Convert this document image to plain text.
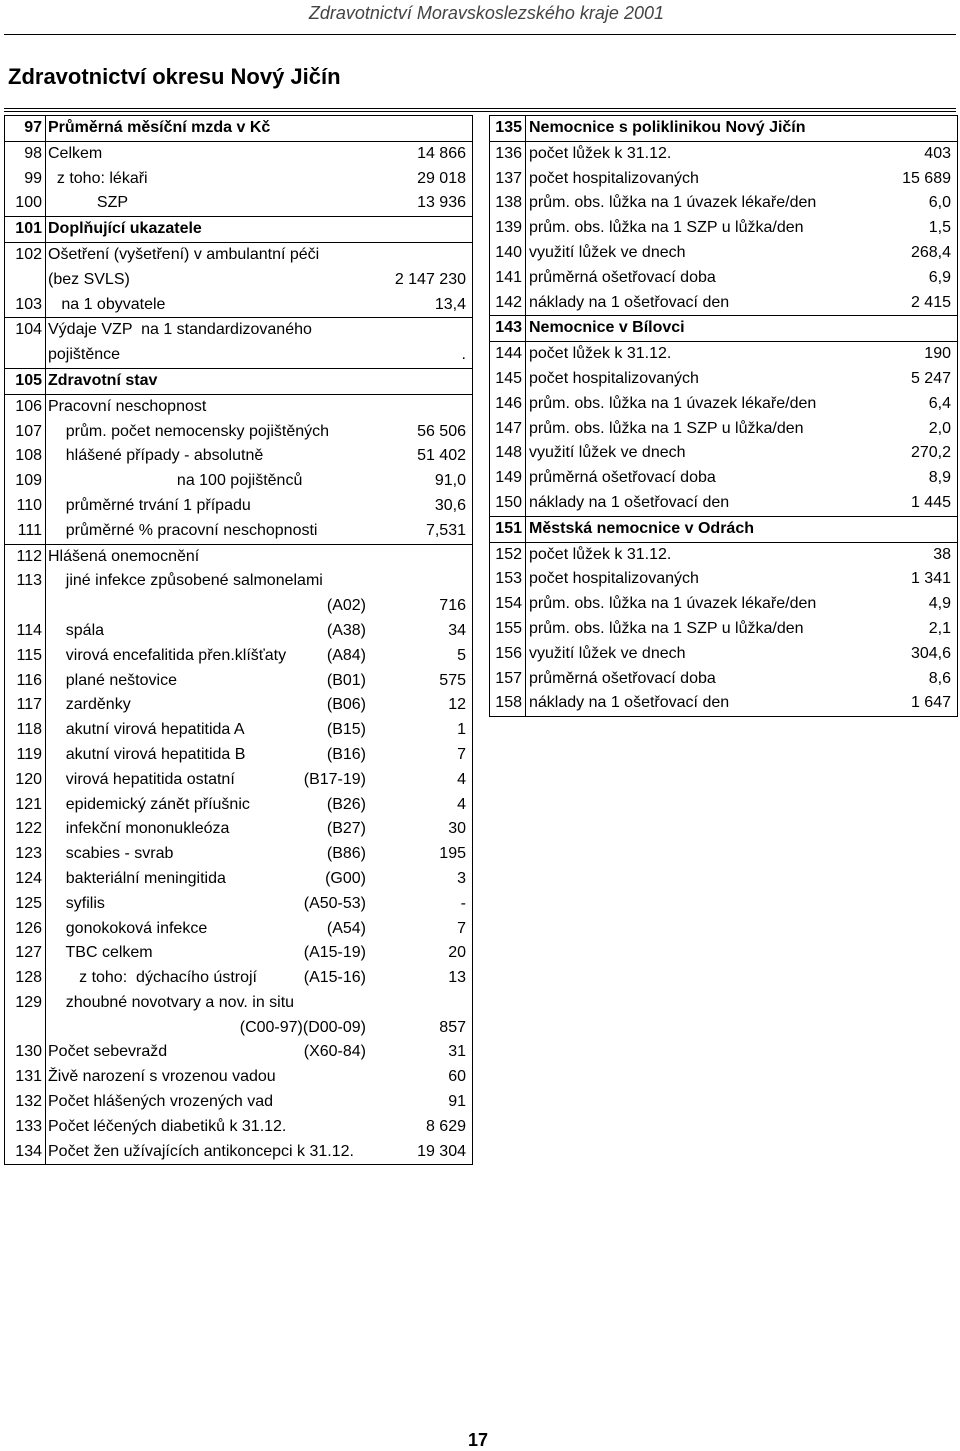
Zdravotnictví Moravskoslezského kraje 2001
Zdravotnictví okresu Nový Jičín
97 Průměrná měsíční mzda v Kč
98 Celkem	14 866
99 z toho: lékaři	29 018
100 SZP	13 936
101 Doplňující ukazatele
102 Ošetření (vyšetření) v ambulantní péči
(bez SVLS)	2 147 230
103 na 1 obyvatele	13,4
104 Výdaje VZP  na 1 standardizovaného
pojištěnce	.
105 Zdravotní stav
106 Pracovní neschopnost
107 prům. počet nemocensky pojištěných	56 506
108 hlášené případy - absolutně	51 402
109 na 100 pojištěnců	91,0
110 průměrné trvání 1 případu	30,6
111 průměrné % pracovní neschopnosti	7,531
112 Hlášená onemocnění
113 jiné infekce způsobené salmonelami
(A02)	716
114 spála	(A38)	34
115 virová encefalitida přen.klíšťaty	(A84)	5
116 plané neštovice	(B01)	575
117 zarděnky	(B06)	12
118 akutní virová hepatitida A	(B15)	1
119 akutní virová hepatitida B	(B16)	7
120 virová hepatitida ostatní	(B17-19)	4
121 epidemický zánět příušnic	(B26)	4
122 infekční mononukleóza	(B27)	30
123 scabies - svrab	(B86)	195
124 bakteriální meningitida	(G00)	3
125 syfilis	(A50-53)	-
126 gonokoková infekce	(A54)	7
127 TBC celkem	(A15-19)	20
128 z toho:  dýchacího ústrojí	(A15-16)	13
129 zhoubné novotvary a nov. in situ
(C00-97)(D00-09)	857
130 Počet sebevražd	(X60-84)	31
131 Živě narození s vrozenou vadou	60
132 Počet hlášených vrozených vad	91
133 Počet léčených diabetiků k 31.12.	8 629
134 Počet žen užívajících antikoncepci k 31.12.	19 304
135 Nemocnice s poliklinikou Nový Jičín
136 počet lůžek k 31.12.	403
137 počet hospitalizovaných	15 689
138 prům. obs. lůžka na 1 úvazek lékaře/den	6,0
139 prům. obs. lůžka na 1 SZP u lůžka/den	1,5
140 využití lůžek ve dnech	268,4
141 průměrná ošetřovací doba	6,9
142 náklady na 1 ošetřovací den	2 415
143 Nemocnice v Bílovci
144 počet lůžek k 31.12.	190
145 počet hospitalizovaných	5 247
146 prům. obs. lůžka na 1 úvazek lékaře/den	6,4
147 prům. obs. lůžka na 1 SZP u lůžka/den	2,0
148 využití lůžek ve dnech	270,2
149 průměrná ošetřovací doba	8,9
150 náklady na 1 ošetřovací den	1 445
151 Městská nemocnice v Odrách
152 počet lůžek k 31.12.	38
153 počet hospitalizovaných	1 341
154 prům. obs. lůžka na 1 úvazek lékaře/den	4,9
155 prům. obs. lůžka na 1 SZP u lůžka/den	2,1
156 využití lůžek ve dnech	304,6
157 průměrná ošetřovací doba	8,6
158 náklady na 1 ošetřovací den	1 647
17
